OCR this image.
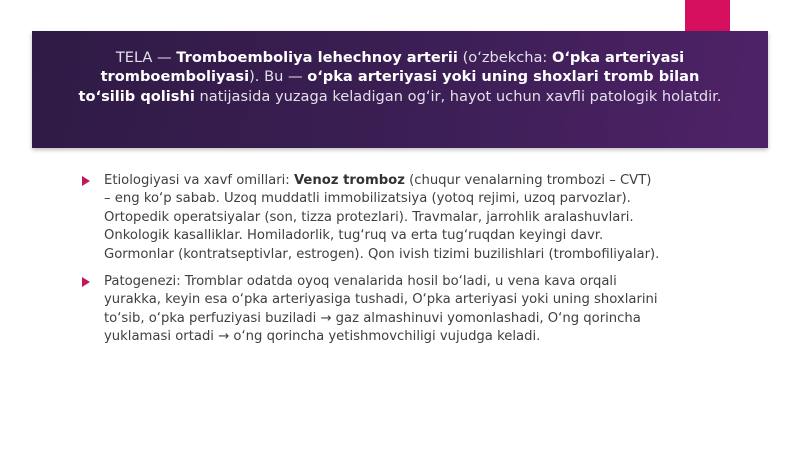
TELA — Tromboemboliya lehechnoy arterii (o‘zbekcha: O‘pka arteriyasi tromboemboliyasi). Bu — o‘pka arteriyasi yoki uning shoxlari tromb bilan to‘silib qolishi natijasida yuzaga keladigan og‘ir, hayot uchun xavfli patologik holatdir.
Etiologiyasi va xavf omillari: Venoz tromboz (chuqur venalarning trombozi – CVT) – eng ko‘p sabab. Uzoq muddatli immobilizatsiya (yotoq rejimi, uzoq parvozlar). Ortopedik operatsiyalar (son, tizza protezlari). Travmalar, jarrohlik aralashuvlari. Onkologik kasalliklar. Homiladorlik, tug‘ruq va erta tug‘ruqdan keyingi davr. Gormonlar (kontratseptivlar, estrogen). Qon ivish tizimi buzilishlari (trombofiliyalar).
Patogenezi: Tromblar odatda oyoq venalarida hosil bo‘ladi, u vena kava orqali yurakka, keyin esa o‘pka arteriyasiga tushadi, O‘pka arteriyasi yoki uning shoxlarini to‘sib, o‘pka perfuziyasi buziladi → gaz almashinuvi yomonlashadi, O‘ng qorincha yuklamasi ortadi → o‘ng qorincha yetishmovchiligi vujudga keladi.
